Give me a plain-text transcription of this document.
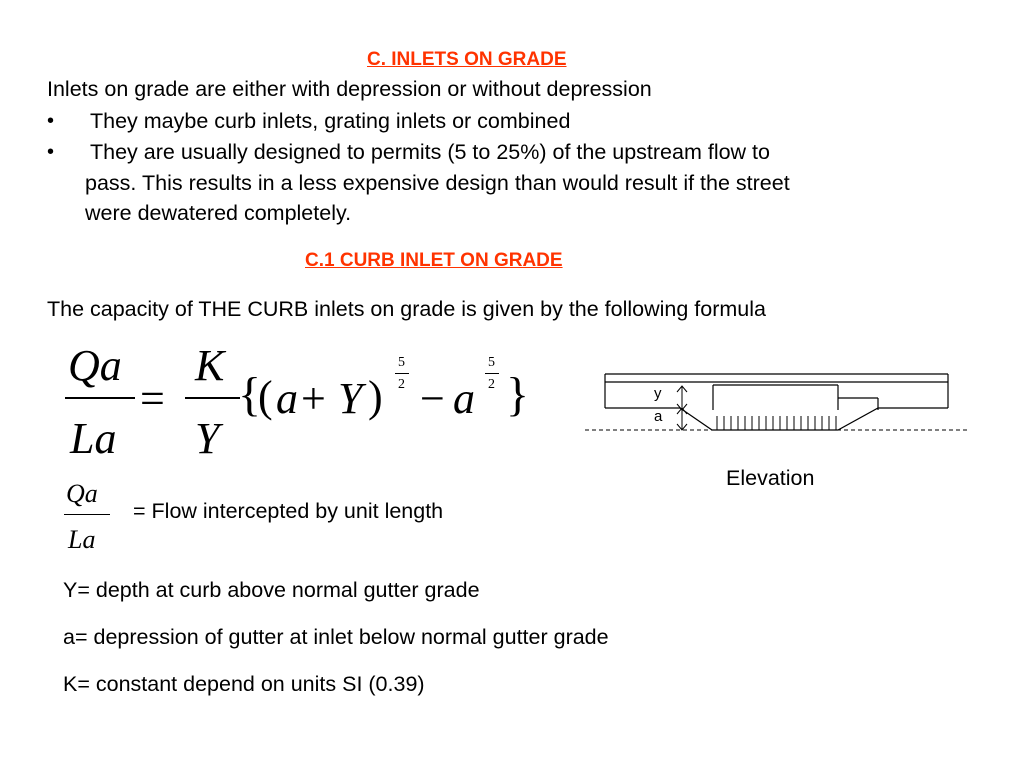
C. INLETS ON GRADE
Inlets on grade are either with depression or without depression
• They maybe curb inlets, grating inlets or combined
• They are usually designed to permits (5 to 25%) of the upstream flow to
pass. This results in a less expensive design than would result if the street
were dewatered completely.
C.1 CURB INLET ON GRADE
The capacity of THE CURB inlets on grade is given by the following formula
Qa
La
=
K
Y
{
( a + Y )
5
2 − a
5
2 }
Qa
La
= Flow intercepted by unit length
y
a
Elevation
Y= depth at curb above normal gutter grade
a= depression of gutter at inlet below normal gutter grade
K= constant depend on units SI (0.39)
